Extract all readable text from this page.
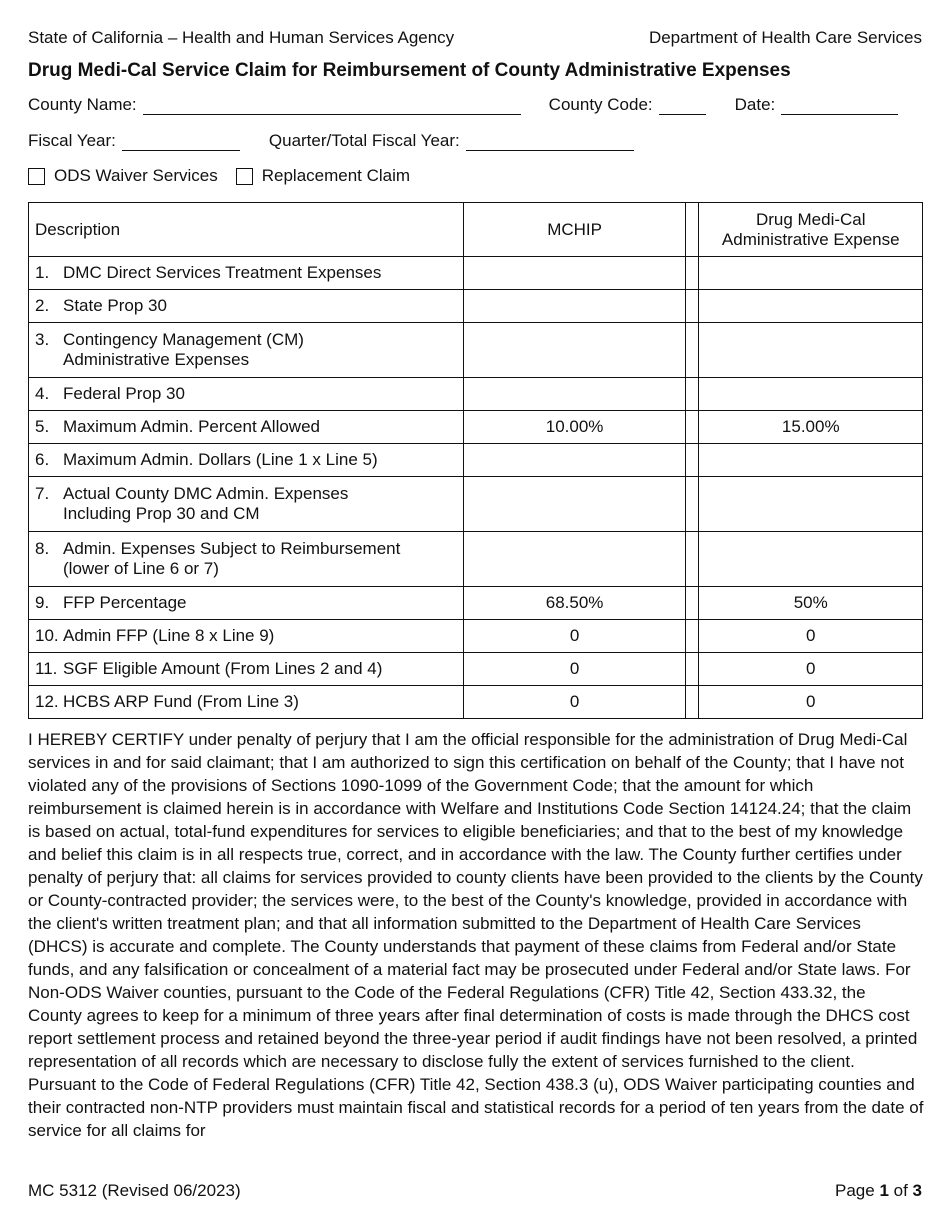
State of California – Health and Human Services Agency	Department of Health Care Services
Drug Medi-Cal Service Claim for Reimbursement of County Administrative Expenses
County Name:	County Code:	Date:
Fiscal Year:	Quarter/Total Fiscal Year:
ODS Waiver Services	Replacement Claim
Description	MCHIP		Drug Medi-Cal
Administrative Expense

1. DMC Direct Services Treatment Expenses			

2. State Prop 30			

3. Contingency Management (CM)
Administrative Expenses			

4. Federal Prop 30			

5. Maximum Admin. Percent Allowed	10.00%		15.00%

6. Maximum Admin. Dollars (Line 1 x Line 5)			

7. Actual County DMC Admin. Expenses
Including Prop 30 and CM			

8. Admin. Expenses Subject to Reimbursement
(lower of Line 6 or 7)			

9. FFP Percentage	68.50%		50%

10. Admin FFP (Line 8 x Line 9)	0		0

11. SGF Eligible Amount (From Lines 2 and 4)	0		0

12. HCBS ARP Fund (From Line 3)	0		0

I HEREBY CERTIFY under penalty of perjury that I am the official responsible for the administration of Drug Medi-Cal services in and for said claimant; that I am authorized to sign this certification on behalf of the County; that I have not violated any of the provisions of Sections 1090-1099 of the Government Code; that the amount for which reimbursement is claimed herein is in accordance with Welfare and Institutions Code Section 14124.24; that the claim is based on actual, total-fund expenditures for services to eligible beneficiaries; and that to the best of my knowledge and belief this claim is in all respects true, correct, and in accordance with the law. The County further certifies under penalty of perjury that: all claims for services provided to county clients have been provided to the clients by the County or County-contracted provider; the services were, to the best of the County's knowledge, provided in accordance with the client's written treatment plan; and that all information submitted to the Department of Health Care Services (DHCS) is accurate and complete. The County understands that payment of these claims from Federal and/or State funds, and any falsification or concealment of a material fact may be prosecuted under Federal and/or State laws. For Non-ODS Waiver counties, pursuant to the Code of the Federal Regulations (CFR) Title 42, Section 433.32, the County agrees to keep for a minimum of three years after final determination of costs is made through the DHCS cost report settlement process and retained beyond the three-year period if audit findings have not been resolved, a printed representation of all records which are necessary to disclose fully the extent of services furnished to the client. Pursuant to the Code of Federal Regulations (CFR) Title 42, Section 438.3 (u), ODS Waiver participating counties and their contracted non-NTP providers must maintain fiscal and statistical records for a period of ten years from the date of service for all claims for

MC 5312 (Revised 06/2023)	Page 1 of 3
